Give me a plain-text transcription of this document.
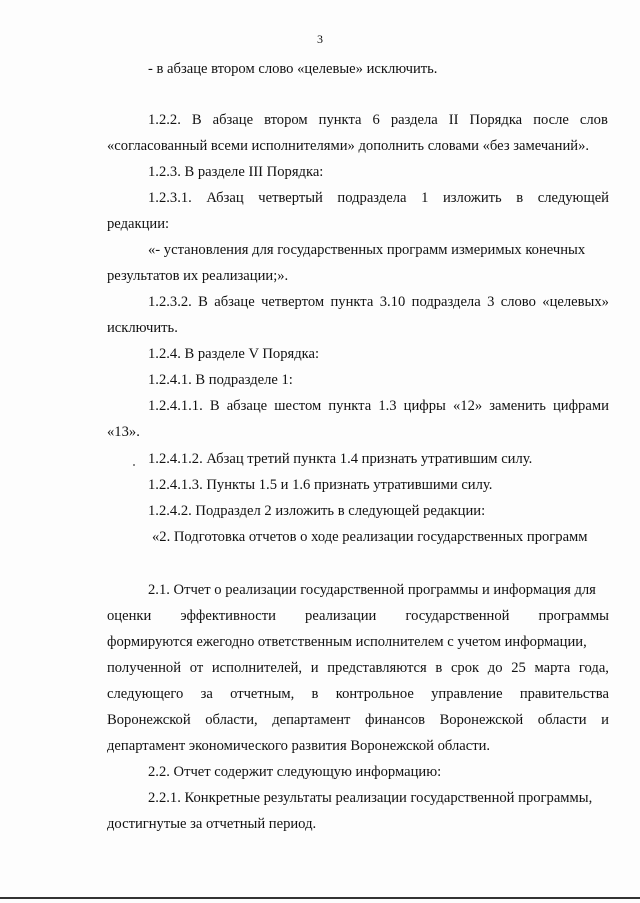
3
- в абзаце втором слово «целевые» исключить.
1.2.2. В абзаце втором пункта 6 раздела II Порядка после слов
«согласованный всеми исполнителями» дополнить словами «без замечаний».
1.2.3. В разделе III Порядка:
1.2.3.1. Абзац четвертый подраздела 1 изложить в следующей
редакции:
«- установления для государственных программ измеримых конечных
результатов их реализации;».
1.2.3.2. В абзаце четвертом пункта 3.10 подраздела 3 слово «целевых»
исключить.
1.2.4. В разделе V Порядка:
1.2.4.1. В подразделе 1:
1.2.4.1.1. В абзаце шестом пункта 1.3 цифры «12» заменить цифрами
«13».
1.2.4.1.2. Абзац третий пункта 1.4 признать утратившим силу.
1.2.4.1.3. Пункты 1.5 и 1.6 признать утратившими силу.
1.2.4.2. Подраздел 2 изложить в следующей редакции:
«2. Подготовка отчетов о ходе реализации государственных программ
2.1. Отчет о реализации государственной программы и информация для
оценки эффективности реализации государственной программы
формируются ежегодно ответственным исполнителем с учетом информации,
полученной от исполнителей, и представляются в срок до 25 марта года,
следующего за отчетным, в контрольное управление правительства
Воронежской области, департамент финансов Воронежской области и
департамент экономического развития Воронежской области.
2.2. Отчет содержит следующую информацию:
2.2.1. Конкретные результаты реализации государственной программы,
достигнутые за отчетный период.
